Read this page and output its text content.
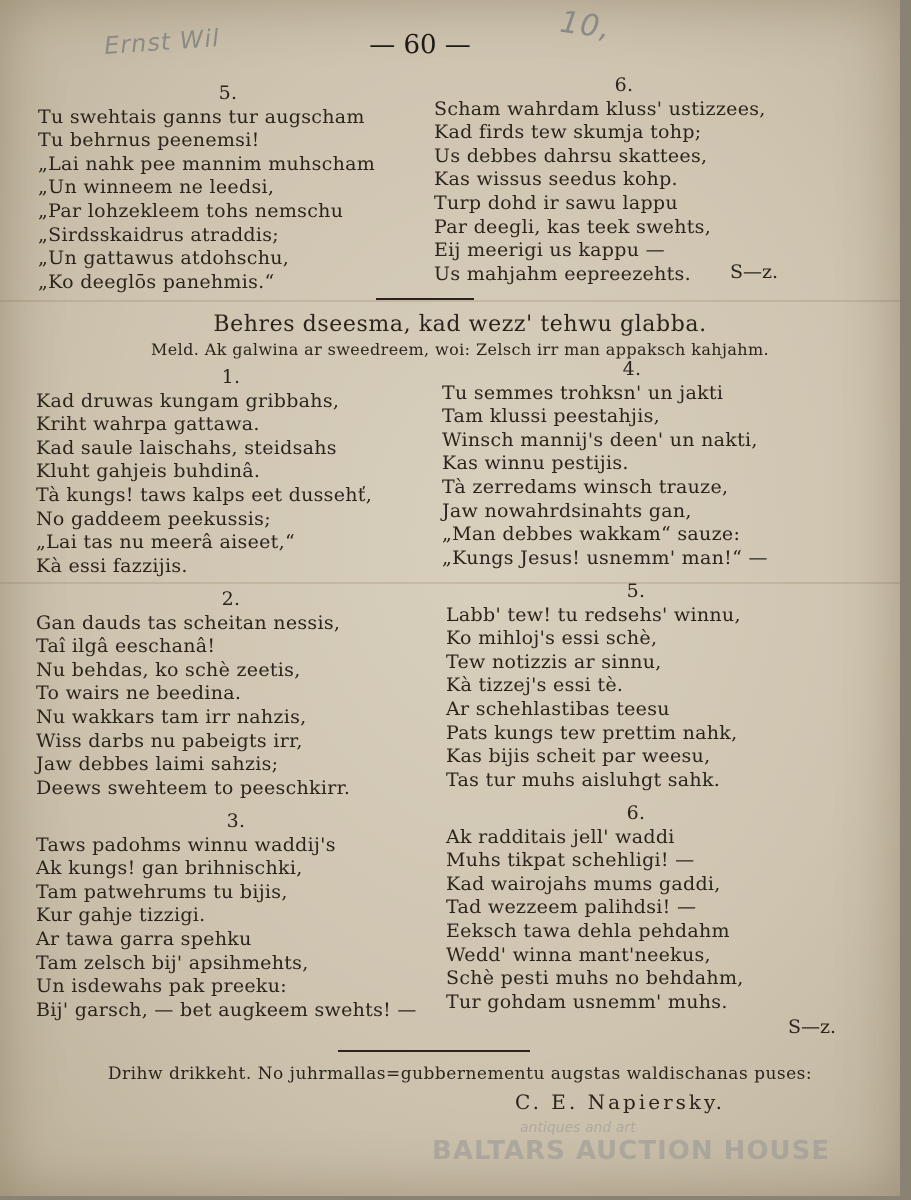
Ernst Wil	10,
— 60 —
5.
Tu swehtais ganns tur augscham
Tu behrnus peenemsi!
„Lai nahk pee mannim muhscham
„Un winneem ne leedsi,
„Par lohzekleem tohs nemschu
„Sirdsskaidrus atraddis;
„Un gattawus atdohschu,
„Ko deeglōs panehmis.“
6.
Scham wahrdam kluss' ustizzees,
Kad firds tew skumja tohp;
Us debbes dahrsu skattees,
Kas wissus seedus kohp.
Turp dohd ir sawu lappu
Par deegli, kas teek swehts,
Eij meerigi us kappu —
Us mahjahm eepreezehts.	S—z.
Behres dseesma, kad wezz' tehwu glabba.
Meld. Ak galwina ar sweedreem, woi: Zelsch irr man appaksch kahjahm.
1.
Kad druwas kungam gribbahs,
Kriht wahrpa gattawa.
Kad saule laischahs, steidsahs
Kluht gahjeis buhdinâ.
Tà kungs! taws kalps eet dussehť,
No gaddeem peekussis;
„Lai tas nu meerâ aiseet,“
Kà essi fazzijis.
2.
Gan dauds tas scheitan nessis,
Taî ilgâ eeschanâ!
Nu behdas, ko schè zeetis,
To wairs ne beedina.
Nu wakkars tam irr nahzis,
Wiss darbs nu pabeigts irr,
Jaw debbes laimi sahzis;
Deews swehteem to peeschkirr.
3.
Taws padohms winnu waddij's
Ak kungs! gan brihnischki,
Tam patwehrums tu bijis,
Kur gahje tizzigi.
Ar tawa garra spehku
Tam zelsch bij' apsihmehts,
Un isdewahs pak preeku:
Bij' garsch, — bet augkeem swehts! —
4.
Tu semmes trohksn' un jakti
Tam klussi peestahjis,
Winsch mannij's deen' un nakti,
Kas winnu pestijis.
Tà zerredams winsch trauze,
Jaw nowahrdsinahts gan,
„Man debbes wakkam“ sauze:
„Kungs Jesus! usnemm' man!“ —
5.
Labb' tew! tu redsehs' winnu,
Ko mihloj's essi schè,
Tew notizzis ar sinnu,
Kà tizzej's essi tè.
Ar schehlastibas teesu
Pats kungs tew prettim nahk,
Kas bijis scheit par weesu,
Tas tur muhs aisluhgt sahk.
6.
Ak radditais jell' waddi
Muhs tikpat schehligi! —
Kad wairojahs mums gaddi,
Tad wezzeem palihdsi! —
Eeksch tawa dehla pehdahm
Wedd' winna mant'neekus,
Schè pesti muhs no behdahm,
Tur gohdam usnemm' muhs.
S—z.
Drihw drikkeht. No juhrmallas=gubbernementu augstas waldischanas puses:
C. E. Napiersky.
antiques and art
BALTARS AUCTION HOUSE
